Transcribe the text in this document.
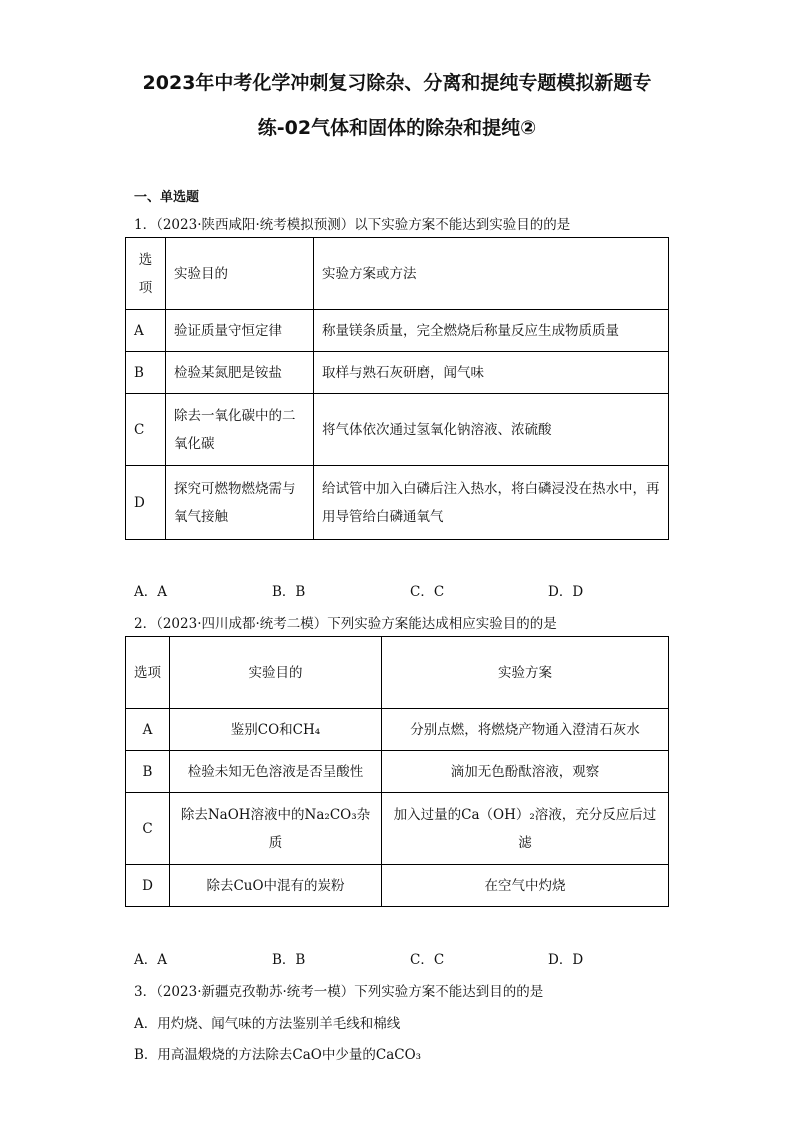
2023年中考化学冲刺复习除杂、分离和提纯专题模拟新题专
练-02气体和固体的除杂和提纯②
一、单选题
1．（2023·陕西咸阳·统考模拟预测）以下实验方案不能达到实验目的的是
选项	实验目的	实验方案或方法
A	验证质量守恒定律	称量镁条质量，完全燃烧后称量反应生成物质质量
B	检验某氮肥是铵盐	取样与熟石灰研磨，闻气味
C	除去一氧化碳中的二氧化碳	将气体依次通过氢氧化钠溶液、浓硫酸
D	探究可燃物燃烧需与氧气接触	给试管中加入白磷后注入热水，将白磷浸没在热水中，再用导管给白磷通氧气
A．A	B．B	C．C	D．D
2．（2023·四川成都·统考二模）下列实验方案能达成相应实验目的的是
选项	实验目的	实验方案
A	鉴别CO和CH₄	分别点燃，将燃烧产物通入澄清石灰水
B	检验未知无色溶液是否呈酸性	滴加无色酚酞溶液，观察
C	除去NaOH溶液中的Na₂CO₃杂质	加入过量的Ca（OH）₂溶液，充分反应后过滤
D	除去CuO中混有的炭粉	在空气中灼烧
A．A	B．B	C．C	D．D
3．（2023·新疆克孜勒苏·统考一模）下列实验方案不能达到目的的是
A．用灼烧、闻气味的方法鉴别羊毛线和棉线
B．用高温煅烧的方法除去CaO中少量的CaCO₃
